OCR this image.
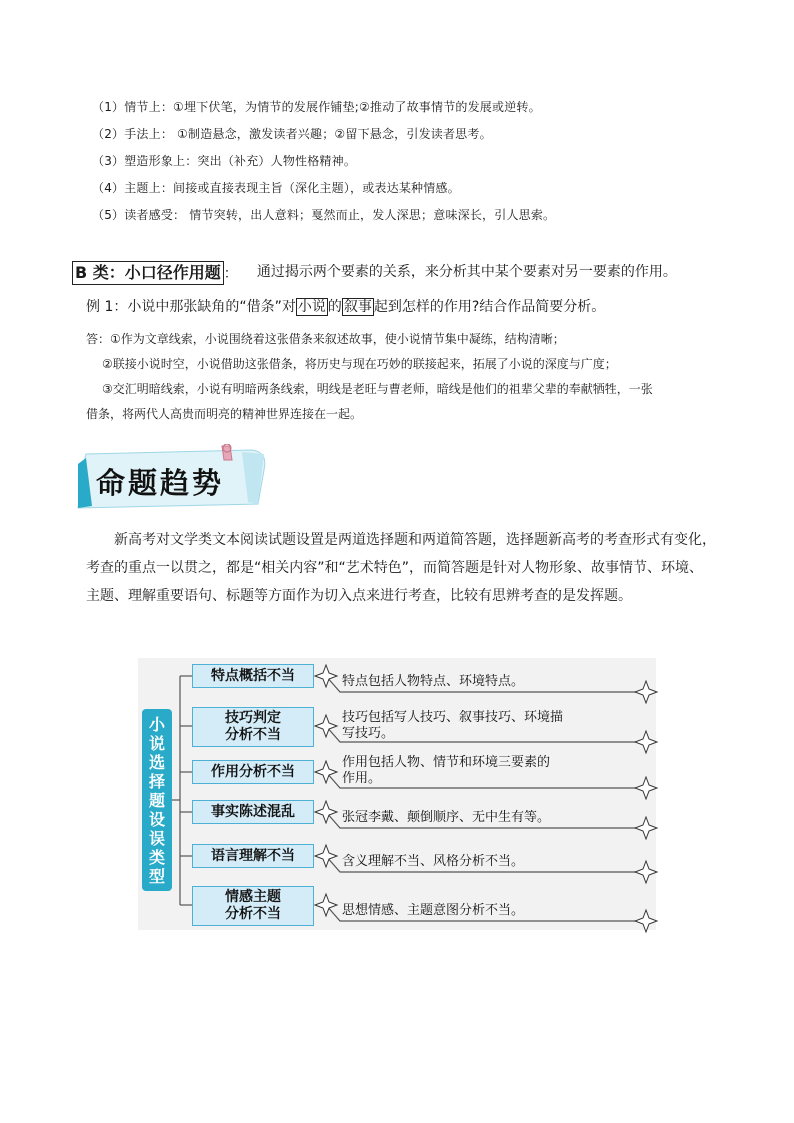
（1）情节上：①埋下伏笔，为情节的发展作铺垫;②推动了故事情节的发展或逆转。
（2）手法上： ①制造悬念，激发读者兴趣；②留下悬念，引发读者思考。
（3）塑造形象上：突出（补充）人物性格精神。
（4）主题上：间接或直接表现主旨（深化主题），或表达某种情感。
（5）读者感受： 情节突转，出人意料；戛然而止，发人深思；意味深长，引人思索。
B 类：小口径作用题 ： 通过揭示两个要素的关系，来分析其中某个要素对另一要素的作用。
例 1：小说中那张缺角的“借条”对 小说 的 叙事 起到怎样的作用?结合作品简要分析。
答：①作为文章线索，小说围绕着这张借条来叙述故事，使小说情节集中凝练，结构清晰；
②联接小说时空，小说借助这张借条，将历史与现在巧妙的联接起来，拓展了小说的深度与广度；
③交汇明暗线索，小说有明暗两条线索，明线是老旺与曹老师，暗线是他们的祖辈父辈的奉献牺牲，一张
借条，将两代人高贵而明亮的精神世界连接在一起。
命题趋势
新高考对文学类文本阅读试题设置是两道选择题和两道简答题，选择题新高考的考查形式有变化，考查的重点一以贯之，都是“相关内容”和“艺术特色”，而简答题是针对人物形象、故事情节、环境、主题、理解重要语句、标题等方面作为切入点来进行考查，比较有思辨考查的是发挥题。
小
说
选
择
题
设
误
类
型
特点概括不当
技巧判定
分析不当
作用分析不当
事实陈述混乱
语言理解不当
情感主题
分析不当
特点包括人物特点、环境特点。
技巧包括写人技巧、叙事技巧、环境描
写技巧。
作用包括人物、情节和环境三要素的
作用。
张冠李戴、颠倒顺序、无中生有等。
含义理解不当、风格分析不当。
思想情感、主题意图分析不当。
